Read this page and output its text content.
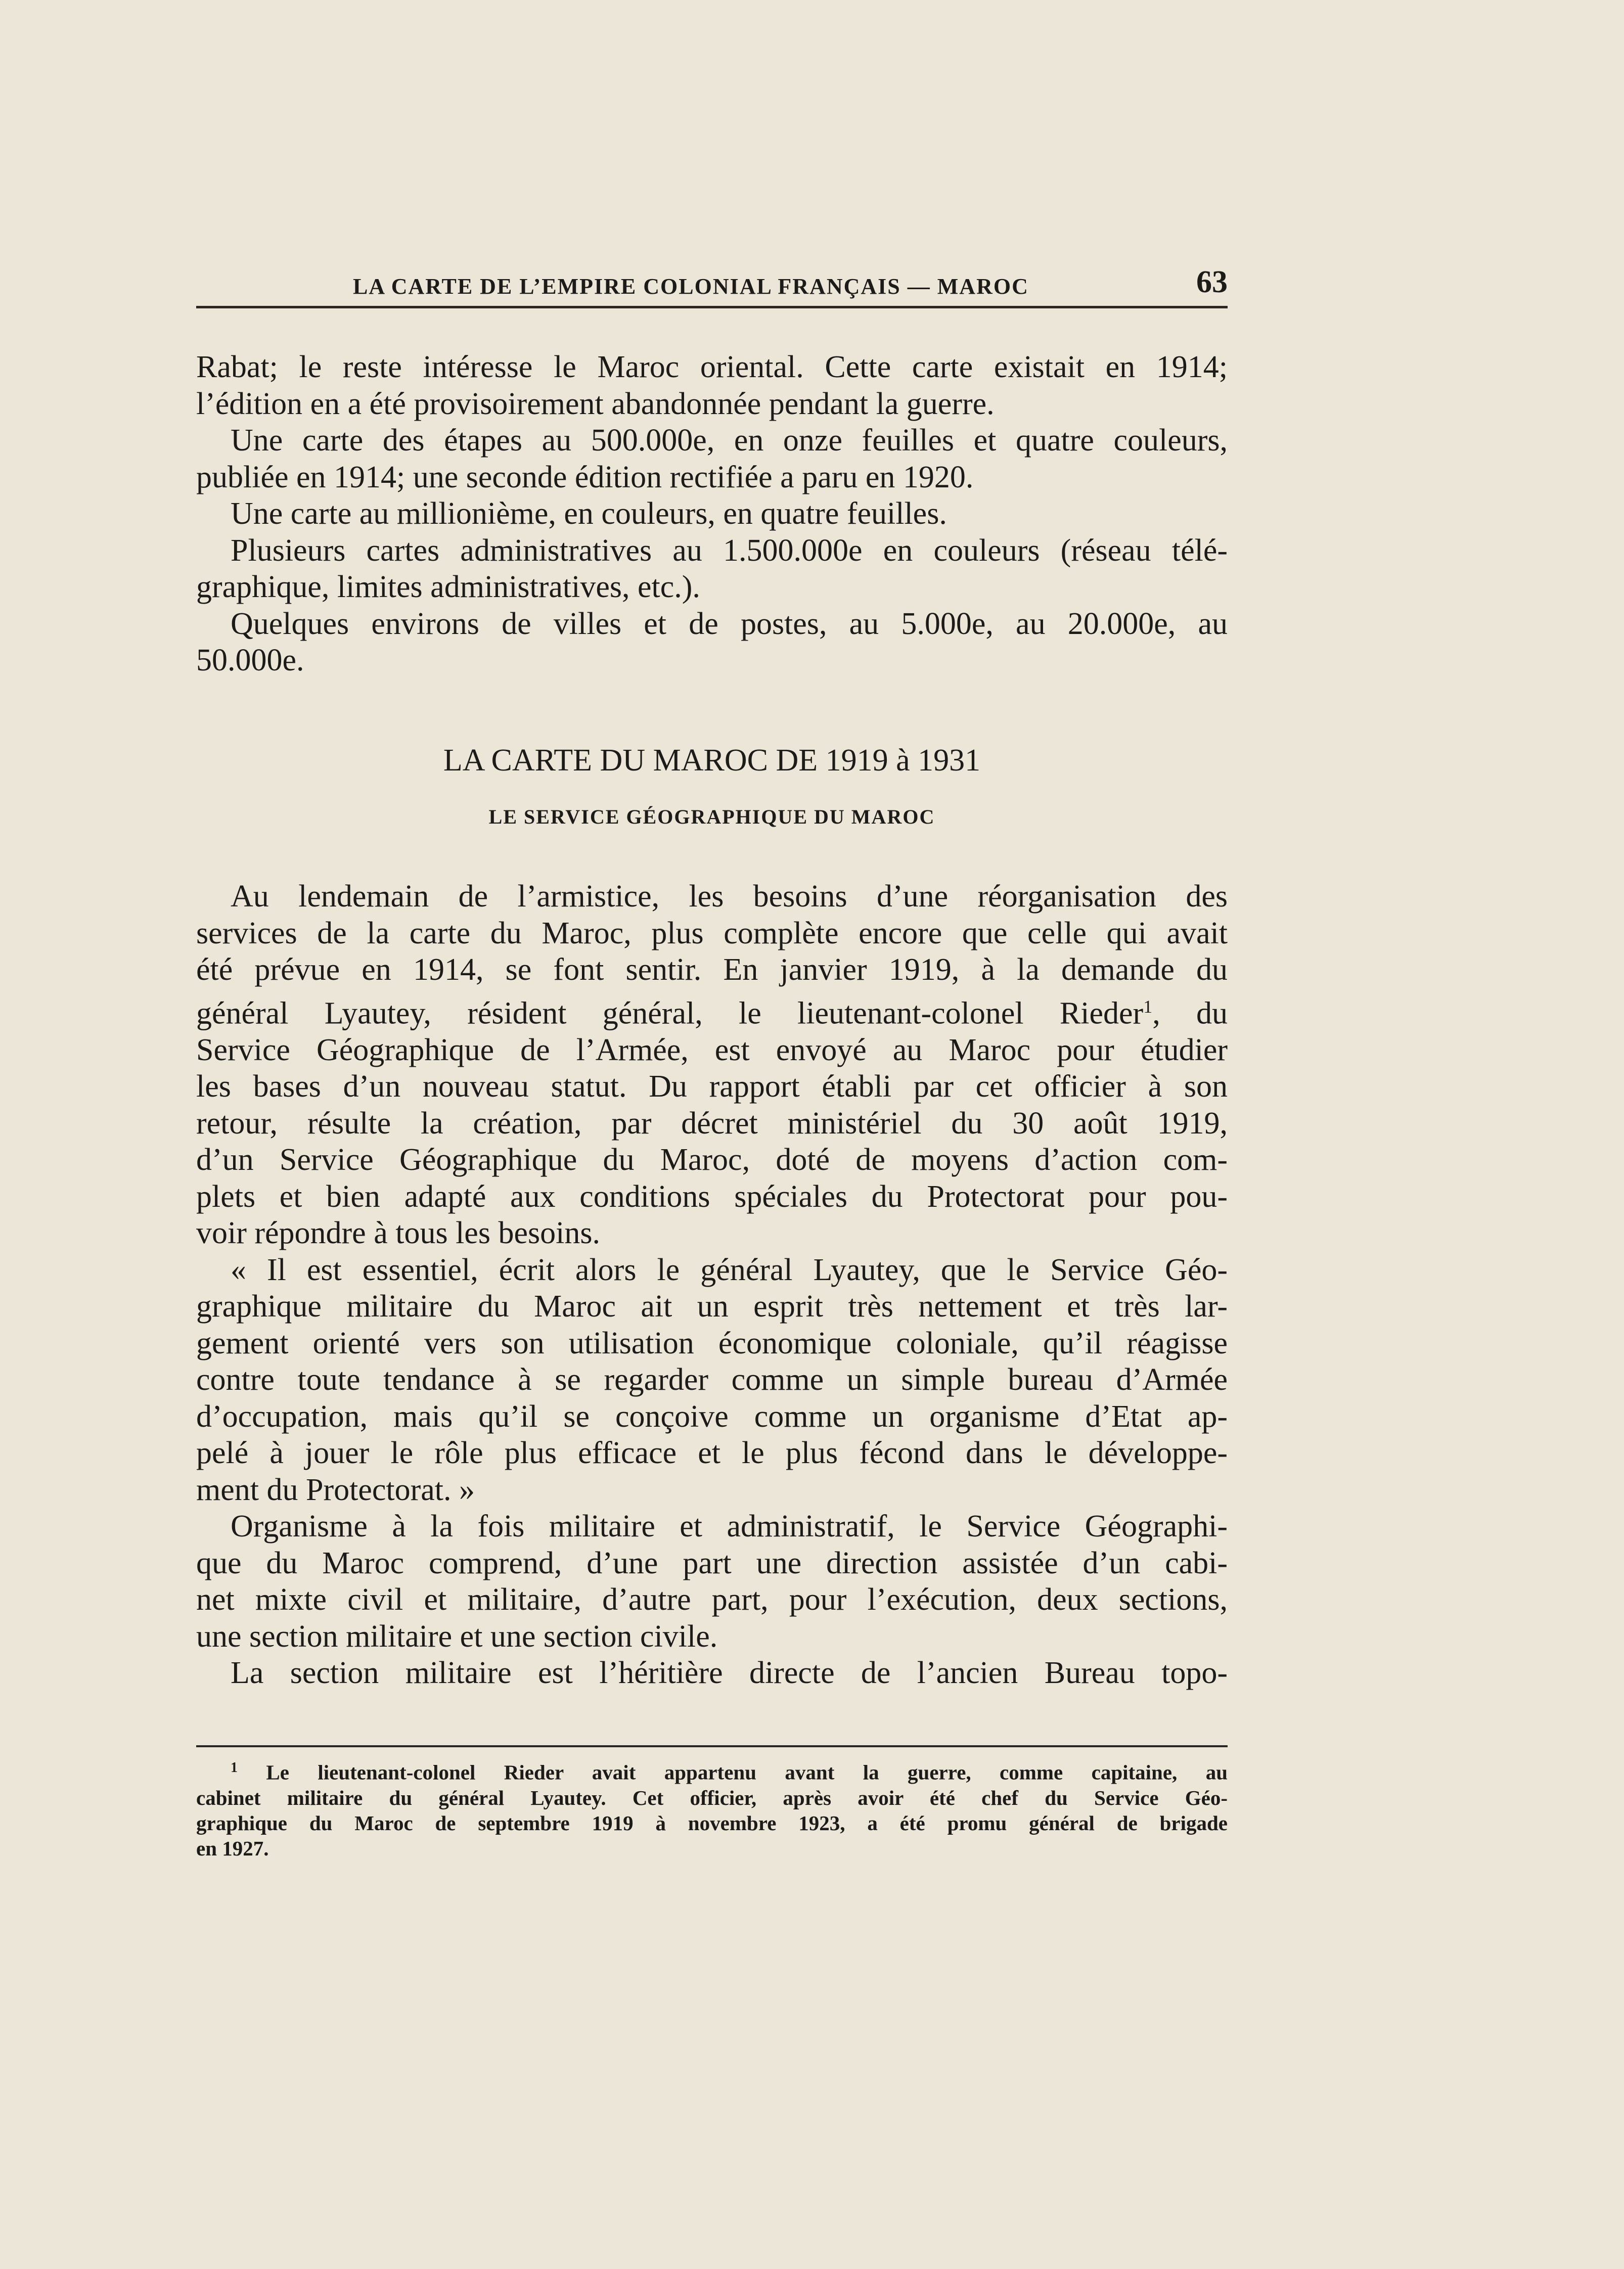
LA CARTE DE L’EMPIRE COLONIAL FRANÇAIS — MAROC	63
Rabat; le reste intéresse le Maroc oriental. Cette carte existait en 1914;
l’édition en a été provisoirement abandonnée pendant la guerre.
Une carte des étapes au 500.000e, en onze feuilles et quatre couleurs,
publiée en 1914; une seconde édition rectifiée a paru en 1920.
Une carte au millionième, en couleurs, en quatre feuilles.
Plusieurs cartes administratives au 1.500.000e en couleurs (réseau télé-
graphique, limites administratives, etc.).
Quelques environs de villes et de postes, au 5.000e, au 20.000e, au
50.000e.
LA CARTE DU MAROC DE 1919 à 1931
LE SERVICE GÉOGRAPHIQUE DU MAROC
Au lendemain de l’armistice, les besoins d’une réorganisation des
services de la carte du Maroc, plus complète encore que celle qui avait
été prévue en 1914, se font sentir. En janvier 1919, à la demande du
général Lyautey, résident général, le lieutenant-colonel Rieder$^1$, du
Service Géographique de l’Armée, est envoyé au Maroc pour étudier
les bases d’un nouveau statut. Du rapport établi par cet officier à son
retour, résulte la création, par décret ministériel du 30 août 1919,
d’un Service Géographique du Maroc, doté de moyens d’action com-
plets et bien adapté aux conditions spéciales du Protectorat pour pou-
voir répondre à tous les besoins.
« Il est essentiel, écrit alors le général Lyautey, que le Service Géo-
graphique militaire du Maroc ait un esprit très nettement et très lar-
gement orienté vers son utilisation économique coloniale, qu’il réagisse
contre toute tendance à se regarder comme un simple bureau d’Armée
d’occupation, mais qu’il se conçoive comme un organisme d’Etat ap-
pelé à jouer le rôle plus efficace et le plus fécond dans le développe-
ment du Protectorat. »
Organisme à la fois militaire et administratif, le Service Géographi-
que du Maroc comprend, d’une part une direction assistée d’un cabi-
net mixte civil et militaire, d’autre part, pour l’exécution, deux sections,
une section militaire et une section civile.
La section militaire est l’héritière directe de l’ancien Bureau topo-
$^1$ Le lieutenant-colonel Rieder avait appartenu avant la guerre, comme capitaine, au
cabinet militaire du général Lyautey. Cet officier, après avoir été chef du Service Géo-
graphique du Maroc de septembre 1919 à novembre 1923, a été promu général de brigade
en 1927.
